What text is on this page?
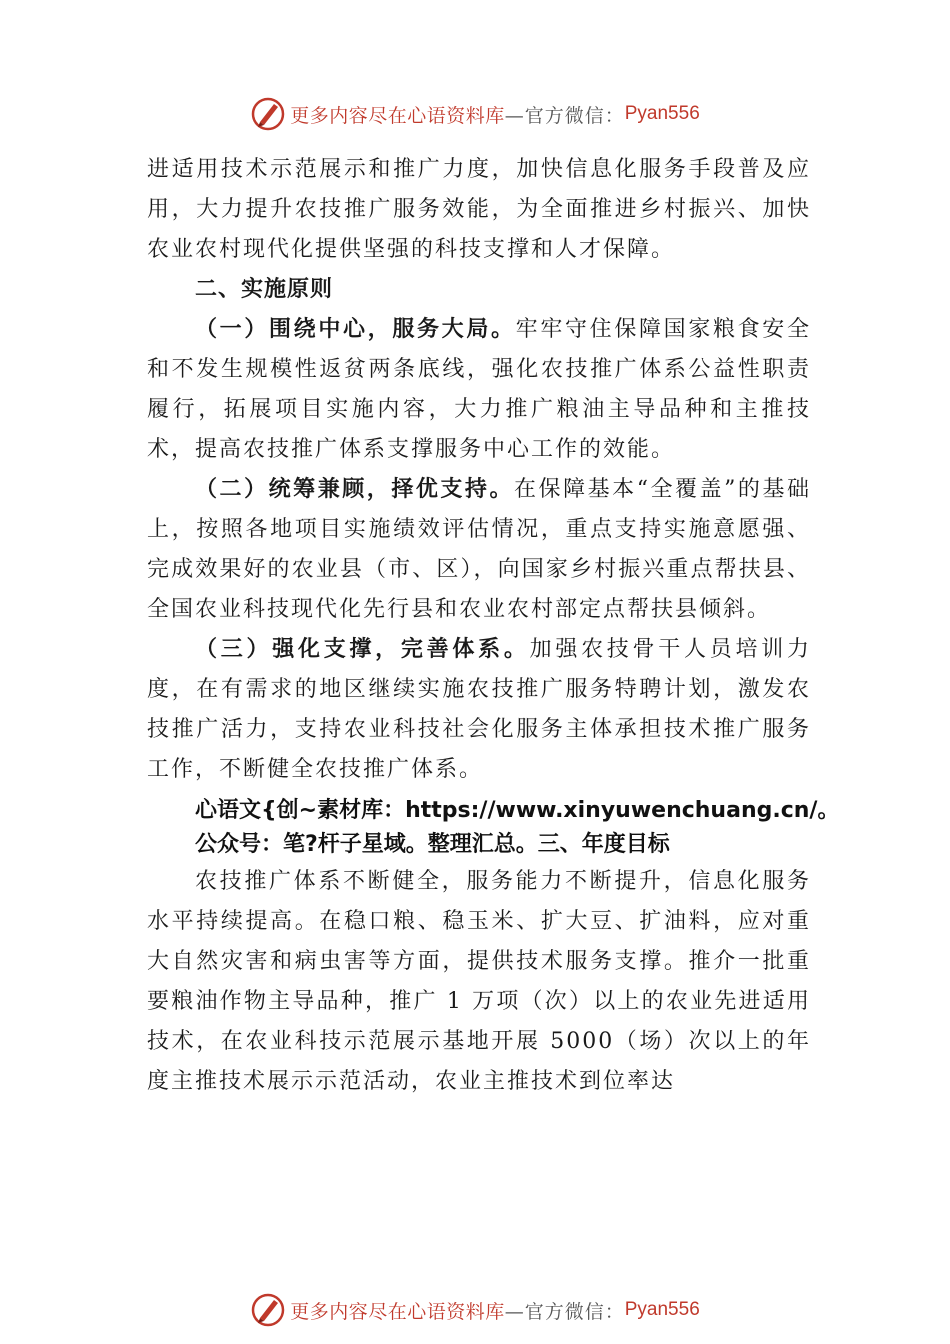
更多内容尽在心语资料库 —官方微信： Pyan556

进适用技术示范展示和推广力度，加快信息化服务手段普及应用，大力提升农技推广服务效能，为全面推进乡村振兴、加快农业农村现代化提供坚强的科技支撑和人才保障。

二、实施原则

（一）围绕中心，服务大局。牢牢守住保障国家粮食安全和不发生规模性返贫两条底线，强化农技推广体系公益性职责履行，拓展项目实施内容，大力推广粮油主导品种和主推技术，提高农技推广体系支撑服务中心工作的效能。

（二）统筹兼顾，择优支持。在保障基本“全覆盖”的基础上，按照各地项目实施绩效评估情况，重点支持实施意愿强、完成效果好的农业县（市、区），向国家乡村振兴重点帮扶县、全国农业科技现代化先行县和农业农村部定点帮扶县倾斜。

（三）强化支撑，完善体系。加强农技骨干人员培训力度，在有需求的地区继续实施农技推广服务特聘计划，激发农技推广活力，支持农业科技社会化服务主体承担技术推广服务工作，不断健全农技推广体系。

心语文{创~素材库：https://www.xinyuwenchuang.cn/。
公众号：笔?杆子星域。整理汇总。三、年度目标

农技推广体系不断健全，服务能力不断提升，信息化服务水平持续提高。在稳口粮、稳玉米、扩大豆、扩油料，应对重大自然灾害和病虫害等方面，提供技术服务支撑。推介一批重要粮油作物主导品种，推广 1 万项（次）以上的农业先进适用技术，在农业科技示范展示基地开展 5000（场）次以上的年度主推技术展示示范活动，农业主推技术到位率达

更多内容尽在心语资料库 —官方微信： Pyan556
